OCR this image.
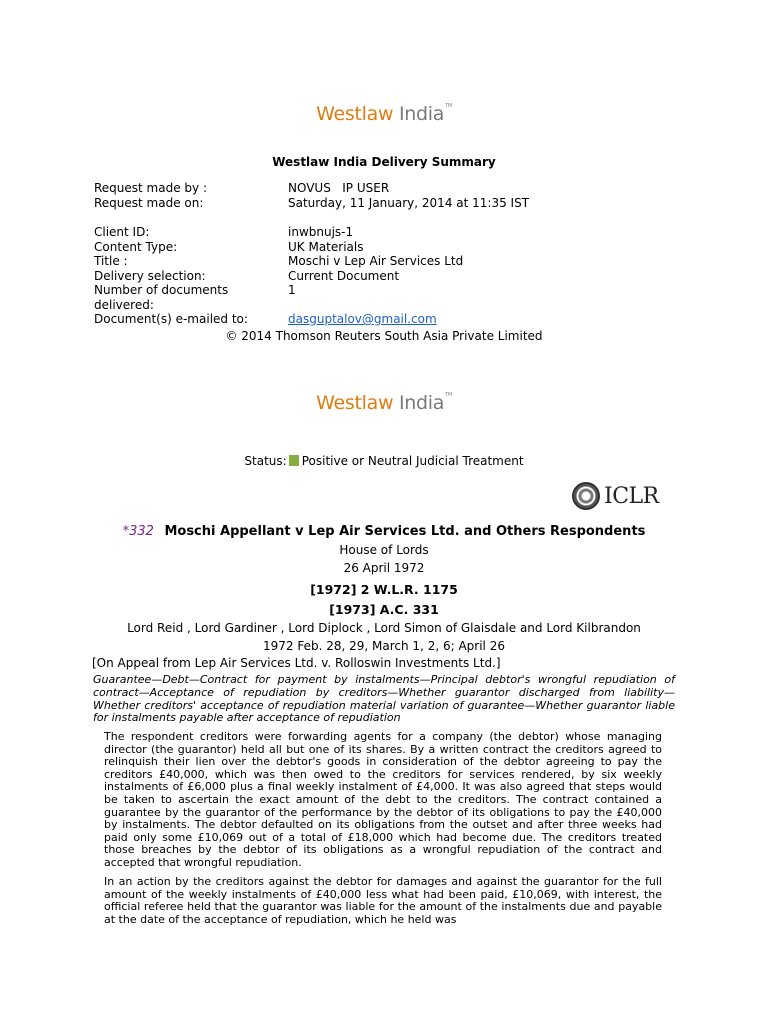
Westlaw India™
Westlaw India Delivery Summary
Request made by :	NOVUS   IP USER
Request made on:	Saturday, 11 January, 2014 at 11:35 IST
Client ID:	inwbnujs-1
Content Type:	UK Materials
Title :	Moschi v Lep Air Services Ltd
Delivery selection:	Current Document
Number of documents delivered:
1
Document(s) e-mailed to:	dasguptalov@gmail.com
© 2014 Thomson Reuters South Asia Private Limited
Westlaw India™
Status: Positive or Neutral Judicial Treatment
ICLR
*332 Moschi Appellant v Lep Air Services Ltd. and Others Respondents
House of Lords
26 April 1972
[1972] 2 W.L.R. 1175
[1973] A.C. 331
Lord Reid , Lord Gardiner , Lord Diplock , Lord Simon of Glaisdale and Lord Kilbrandon
1972 Feb. 28, 29, March 1, 2, 6; April 26
[On Appeal from Lep Air Services Ltd. v. Rolloswin Investments Ltd.]
Guarantee—Debt—Contract for payment by instalments—Principal debtor's wrongful repudiation of contract—Acceptance of repudiation by creditors—Whether guarantor discharged from liability—Whether creditors' acceptance of repudiation material variation of guarantee—Whether guarantor liable for instalments payable after acceptance of repudiation
The respondent creditors were forwarding agents for a company (the debtor) whose managing director (the guarantor) held all but one of its shares. By a written contract the creditors agreed to relinquish their lien over the debtor's goods in consideration of the debtor agreeing to pay the creditors £40,000, which was then owed to the creditors for services rendered, by six weekly instalments of £6,000 plus a final weekly instalment of £4,000. It was also agreed that steps would be taken to ascertain the exact amount of the debt to the creditors. The contract contained a guarantee by the guarantor of the performance by the debtor of its obligations to pay the £40,000 by instalments. The debtor defaulted on its obligations from the outset and after three weeks had paid only some £10,069 out of a total of £18,000 which had become due. The creditors treated those breaches by the debtor of its obligations as a wrongful repudiation of the contract and accepted that wrongful repudiation.
In an action by the creditors against the debtor for damages and against the guarantor for the full amount of the weekly instalments of £40,000 less what had been paid, £10,069, with interest, the official referee held that the guarantor was liable for the amount of the instalments due and payable at the date of the acceptance of repudiation, which he held was
